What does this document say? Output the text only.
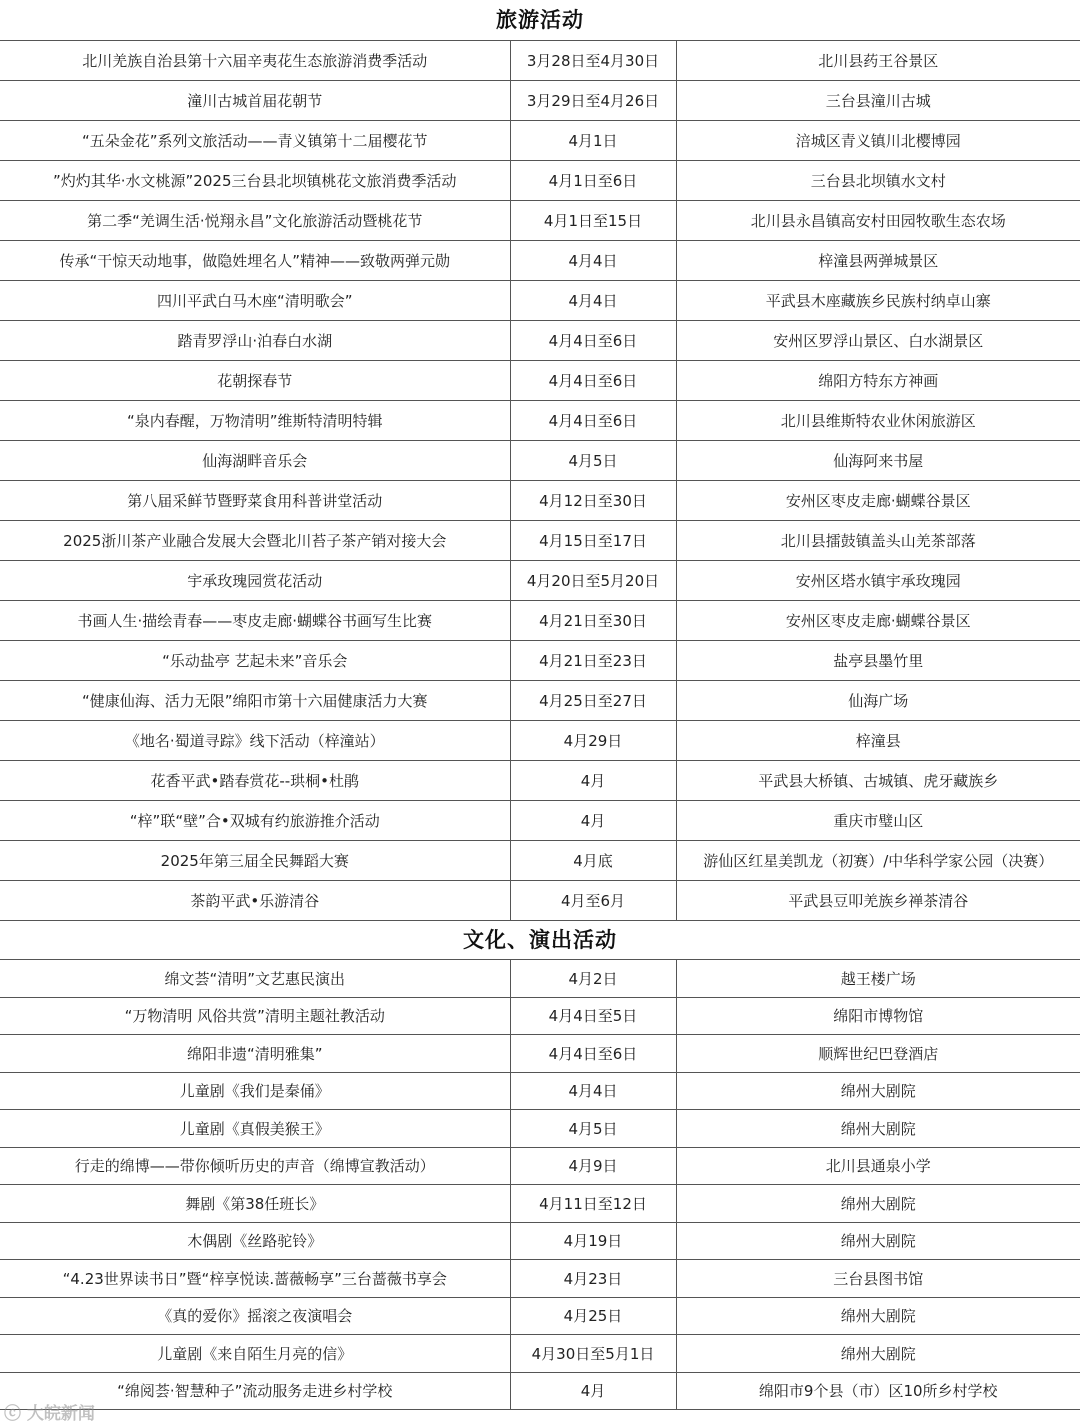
旅游活动
北川羌族自治县第十六届辛夷花生态旅游消费季活动	3月28日至4月30日	北川县药王谷景区
潼川古城首届花朝节	3月29日至4月26日	三台县潼川古城
“五朵金花”系列文旅活动——青义镇第十二届樱花节	4月1日	涪城区青义镇川北樱博园
”灼灼其华·水文桃源”2025三台县北坝镇桃花文旅消费季活动	4月1日至6日	三台县北坝镇水文村
第二季“羌调生活·悦翔永昌”文化旅游活动暨桃花节	4月1日至15日	北川县永昌镇高安村田园牧歌生态农场
传承“干惊天动地事，做隐姓埋名人”精神——致敬两弹元勋	4月4日	梓潼县两弹城景区
四川平武白马木座“清明歌会”	4月4日	平武县木座藏族乡民族村纳卓山寨
踏青罗浮山·泊春白水湖	4月4日至6日	安州区罗浮山景区、白水湖景区
花朝探春节	4月4日至6日	绵阳方特东方神画
“泉内春醒，万物清明”维斯特清明特辑	4月4日至6日	北川县维斯特农业休闲旅游区
仙海湖畔音乐会	4月5日	仙海阿来书屋
第八届采鲜节暨野菜食用科普讲堂活动	4月12日至30日	安州区枣皮走廊·蝴蝶谷景区
2025浙川茶产业融合发展大会暨北川苔子茶产销对接大会	4月15日至17日	北川县擂鼓镇盖头山羌茶部落
宇承玫瑰园赏花活动	4月20日至5月20日	安州区塔水镇宇承玫瑰园
书画人生·描绘青春——枣皮走廊·蝴蝶谷书画写生比赛	4月21日至30日	安州区枣皮走廊·蝴蝶谷景区
“乐动盐亭 艺起未来”音乐会	4月21日至23日	盐亭县墨竹里
“健康仙海、活力无限”绵阳市第十六届健康活力大赛	4月25日至27日	仙海广场
《地名·蜀道寻踪》线下活动（梓潼站）	4月29日	梓潼县
花香平武•踏春赏花--珙桐•杜鹃	4月	平武县大桥镇、古城镇、虎牙藏族乡
“梓”联“壁”合•双城有约旅游推介活动	4月	重庆市璧山区
2025年第三届全民舞蹈大赛	4月底	游仙区红星美凯龙（初赛）/中华科学家公园（决赛）
茶韵平武•乐游清谷	4月至6月	平武县豆叩羌族乡禅茶清谷
文化、演出活动
绵文荟“清明”文艺惠民演出	4月2日	越王楼广场
“万物清明 风俗共赏”清明主题社教活动	4月4日至5日	绵阳市博物馆
绵阳非遗“清明雅集”	4月4日至6日	顺辉世纪巴登酒店
儿童剧《我们是秦俑》	4月4日	绵州大剧院
儿童剧《真假美猴王》	4月5日	绵州大剧院
行走的绵博——带你倾听历史的声音（绵博宣教活动）	4月9日	北川县通泉小学
舞剧《第38任班长》	4月11日至12日	绵州大剧院
木偶剧《丝路驼铃》	4月19日	绵州大剧院
“4.23世界读书日”暨“梓享悦读.蔷薇畅享”三台蔷薇书享会	4月23日	三台县图书馆
《真的爱你》摇滚之夜演唱会	4月25日	绵州大剧院
儿童剧《来自陌生月亮的信》	4月30日至5月1日	绵州大剧院
“绵阅荟·智慧种子”流动服务走进乡村学校	4月	绵阳市9个县（市）区10所乡村学校
ⓒ 大皖新闻
